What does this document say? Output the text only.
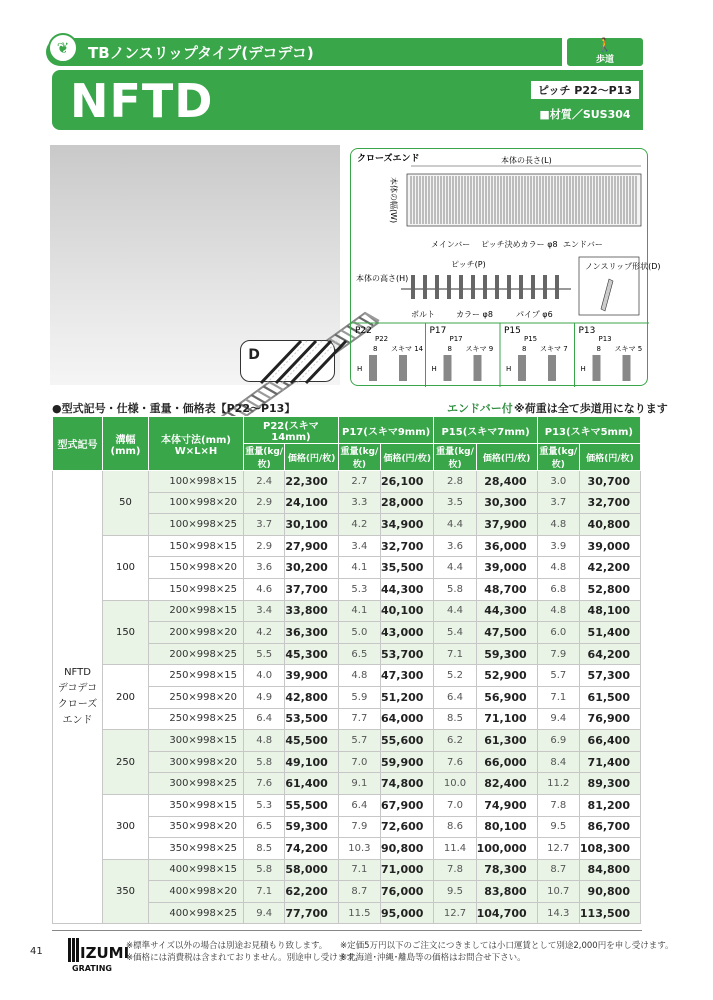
TBノンスリップタイプ(デコデコ)
❦	🚶
歩道
NFTD	ピッチ P22～P13
■材質／SUS304
D
クローズエンド	本体の長さ(L)
本体の幅(W)
メインバー ピッチ決めカラー φ8 エンドバー
ピッチ(P)
本体の高さ(H)
ノンスリップ形状(D)
ボルト	カラー φ8	パイプ φ6
P22
P22
8 スキマ 14
H
P17
P17
8 スキマ 9
H
P15
P15
8 スキマ 7
H
P13
P13
8 スキマ 5
H
●型式記号・仕様・重量・価格表【P22～P13】	エンドバー付 ※荷重は全て歩道用になります
型式記号	溝幅 (mm)	本体寸法(mm) W×L×H	P22(スキマ14mm)		P17(スキマ9mm)		P15(スキマ7mm)		P13(スキマ5mm)	
			重量(kg/枚)	価格(円/枚)	重量(kg/枚)	価格(円/枚)	重量(kg/枚)	価格(円/枚)	重量(kg/枚)	価格(円/枚)

NFTD
デコデコ
クローズ
エンド	50	100×998×15	2.4	22,300	2.7	26,100	2.8	28,400	3.0	30,700
		100×998×20	2.9	24,100	3.3	28,000	3.5	30,300	3.7	32,700
		100×998×25	3.7	30,100	4.2	34,900	4.4	37,900	4.8	40,800
	100	150×998×15	2.9	27,900	3.4	32,700	3.6	36,000	3.9	39,000
		150×998×20	3.6	30,200	4.1	35,500	4.4	39,000	4.8	42,200
		150×998×25	4.6	37,700	5.3	44,300	5.8	48,700	6.8	52,800
	150	200×998×15	3.4	33,800	4.1	40,100	4.4	44,300	4.8	48,100
		200×998×20	4.2	36,300	5.0	43,000	5.4	47,500	6.0	51,400
		200×998×25	5.5	45,300	6.5	53,700	7.1	59,300	7.9	64,200
	200	250×998×15	4.0	39,900	4.8	47,300	5.2	52,900	5.7	57,300
		250×998×20	4.9	42,800	5.9	51,200	6.4	56,900	7.1	61,500
		250×998×25	6.4	53,500	7.7	64,000	8.5	71,100	9.4	76,900
	250	300×998×15	4.8	45,500	5.7	55,600	6.2	61,300	6.9	66,400
		300×998×20	5.8	49,100	7.0	59,900	7.6	66,000	8.4	71,400
		300×998×25	7.6	61,400	9.1	74,800	10.0	82,400	11.2	89,300
	300	350×998×15	5.3	55,500	6.4	67,900	7.0	74,900	7.8	81,200
		350×998×20	6.5	59,300	7.9	72,600	8.6	80,100	9.5	86,700
		350×998×25	8.5	74,200	10.3	90,800	11.4	100,000	12.7	108,300
	350	400×998×15	5.8	58,000	7.1	71,000	7.8	78,300	8.7	84,800
		400×998×20	7.1	62,200	8.7	76,000	9.5	83,800	10.7	90,800
		400×998×25	9.4	77,700	11.5	95,000	12.7	104,700	14.3	113,500
41 IZUMI
GRATING
※標準サイズ以外の場合は別途お見積もり致します。
※価格には消費税は含まれておりません。別途申し受けます。
※定価5万円以下のご注文につきましては小口運賃として別途2,000円を申し受けます。
※北海道･沖縄･離島等の価格はお問合せ下さい。
